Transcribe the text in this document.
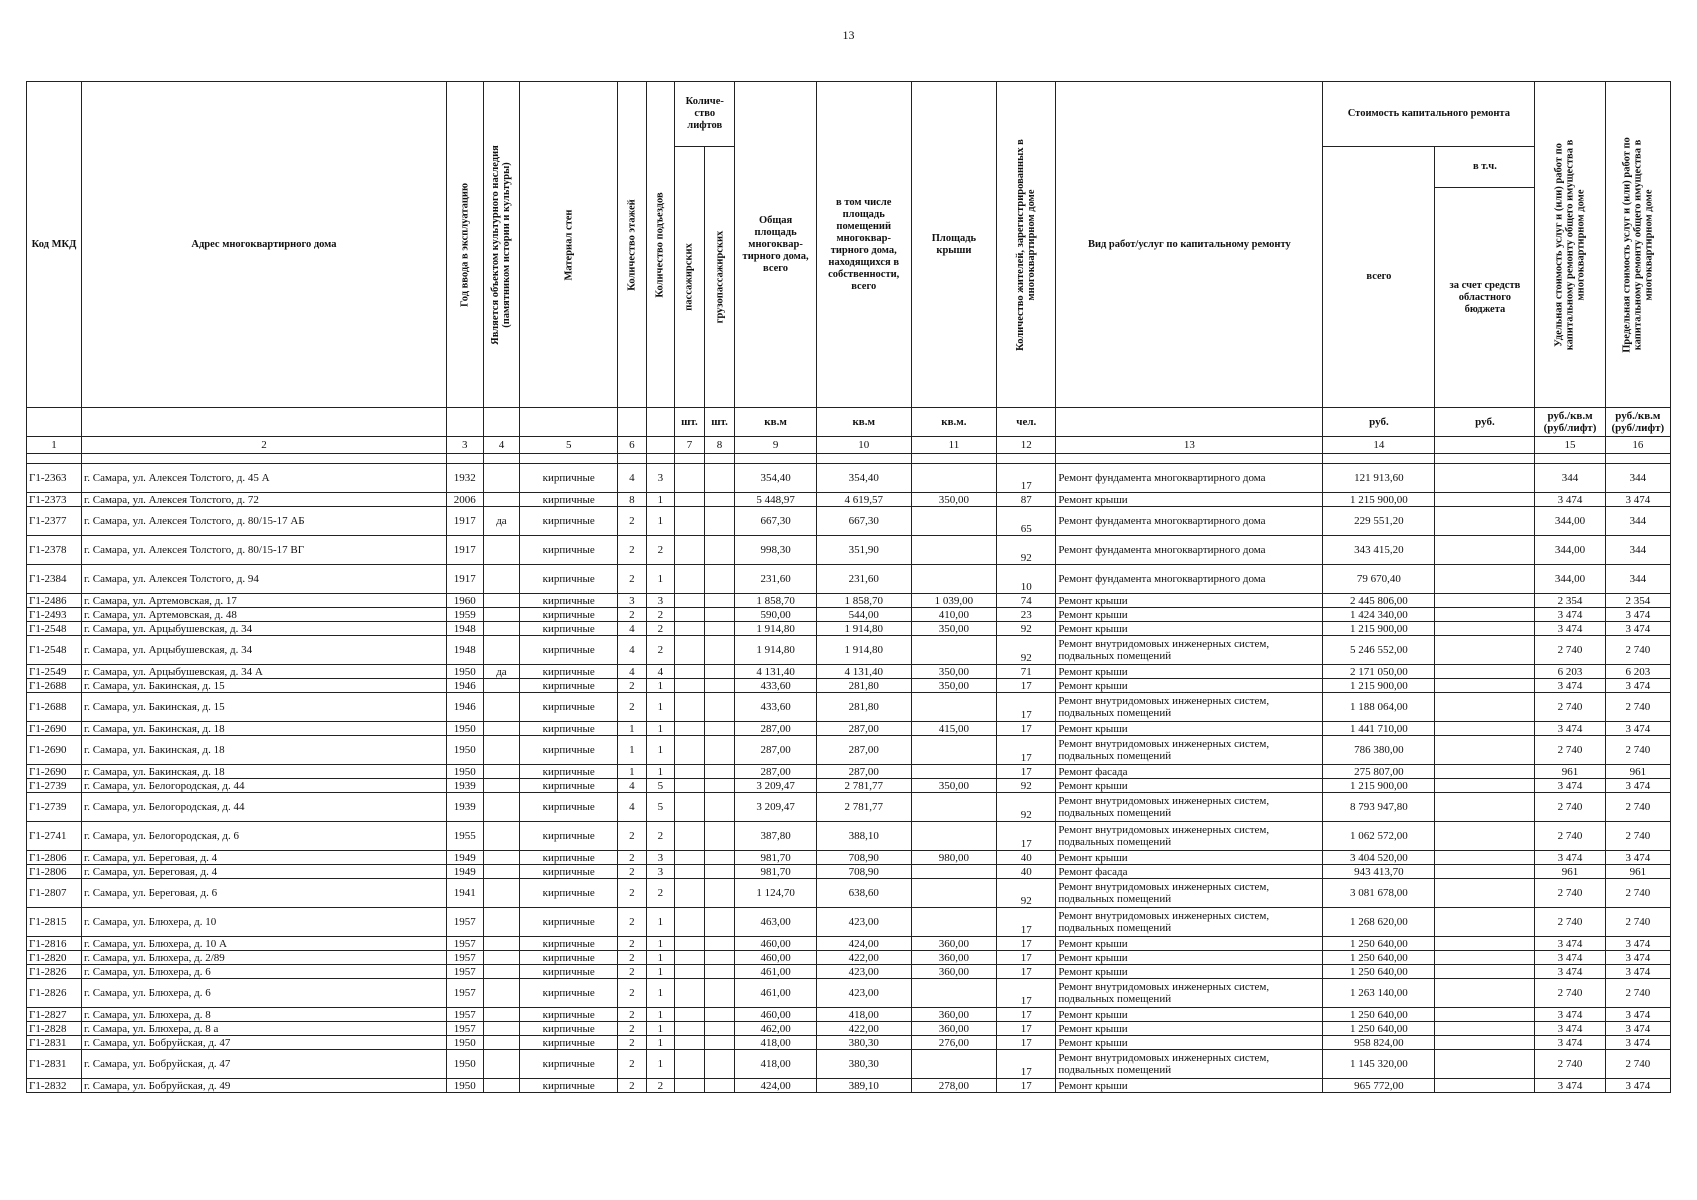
13
Код МКД	Адрес многоквартирного дома	Год ввода в эксплуатацию	Является объектом культурного наследия (памятником истории и культуры)	Материал стен	Количество этажей	Количество подъездов	Количе-ство лифтов		Общая площадь многоквар-тирного дома, всего	в том числе площадь помещений многоквар-тирного дома, находящихся в собственности, всего	Площадь крыши	Количество жителей, зарегистрированных в многоквартирном доме	Вид работ/услуг по капитальному ремонту	Стоимость капитального ремонта		Удельная стоимость услуг и (или) работ по капитальному ремонту общего имущества в многоквартирном доме	Предельная стоимость услуг и (или) работ по капитальному ремонту общего имущества в многоквартирном доме

							пассажирских	грузопассажирских						всего	в т.ч.		
															за счет средств областного бюджета		
							шт.	шт.	кв.м	кв.м	кв.м.	чел.		руб.	руб.	руб./кв.м (руб/лифт)	руб./кв.м (руб/лифт)
1	2	3	4	5	6		7	8	9	10	11	12	13	14		15	16

Г1-2363	г. Самара, ул. Алексея Толстого, д. 45 А	1932		кирпичные	4	3			354,40	354,40		17	Ремонт фундамента многоквартирного дома	121 913,60		344	344
Г1-2373	г. Самара, ул. Алексея Толстого, д. 72	2006		кирпичные	8	1			5 448,97	4 619,57	350,00	87	Ремонт крыши	1 215 900,00		3 474	3 474
Г1-2377	г. Самара, ул. Алексея Толстого, д. 80/15-17 АБ	1917	да	кирпичные	2	1			667,30	667,30		65	Ремонт фундамента многоквартирного дома	229 551,20		344,00	344
Г1-2378	г. Самара, ул. Алексея Толстого, д. 80/15-17 ВГ	1917		кирпичные	2	2			998,30	351,90		92	Ремонт фундамента многоквартирного дома	343 415,20		344,00	344
Г1-2384	г. Самара, ул. Алексея Толстого, д. 94	1917		кирпичные	2	1			231,60	231,60		10	Ремонт фундамента многоквартирного дома	79 670,40		344,00	344
Г1-2486	г. Самара, ул. Артемовская, д. 17	1960		кирпичные	3	3			1 858,70	1 858,70	1 039,00	74	Ремонт крыши	2 445 806,00		2 354	2 354
Г1-2493	г. Самара, ул. Артемовская, д. 48	1959		кирпичные	2	2			590,00	544,00	410,00	23	Ремонт крыши	1 424 340,00		3 474	3 474
Г1-2548	г. Самара, ул. Арцыбушевская, д. 34	1948		кирпичные	4	2			1 914,80	1 914,80	350,00	92	Ремонт крыши	1 215 900,00		3 474	3 474
Г1-2548	г. Самара, ул. Арцыбушевская, д. 34	1948		кирпичные	4	2			1 914,80	1 914,80		92	Ремонт внутридомовых инженерных систем, подвальных помещений	5 246 552,00		2 740	2 740
Г1-2549	г. Самара, ул. Арцыбушевская, д. 34 А	1950	да	кирпичные	4	4			4 131,40	4 131,40	350,00	71	Ремонт крыши	2 171 050,00		6 203	6 203
Г1-2688	г. Самара, ул. Бакинская, д. 15	1946		кирпичные	2	1			433,60	281,80	350,00	17	Ремонт крыши	1 215 900,00		3 474	3 474
Г1-2688	г. Самара, ул. Бакинская, д. 15	1946		кирпичные	2	1			433,60	281,80		17	Ремонт внутридомовых инженерных систем, подвальных помещений	1 188 064,00		2 740	2 740
Г1-2690	г. Самара, ул. Бакинская, д. 18	1950		кирпичные	1	1			287,00	287,00	415,00	17	Ремонт крыши	1 441 710,00		3 474	3 474
Г1-2690	г. Самара, ул. Бакинская, д. 18	1950		кирпичные	1	1			287,00	287,00		17	Ремонт внутридомовых инженерных систем, подвальных помещений	786 380,00		2 740	2 740
Г1-2690	г. Самара, ул. Бакинская, д. 18	1950		кирпичные	1	1			287,00	287,00		17	Ремонт фасада	275 807,00		961	961
Г1-2739	г. Самара, ул. Белогородская, д. 44	1939		кирпичные	4	5			3 209,47	2 781,77	350,00	92	Ремонт крыши	1 215 900,00		3 474	3 474
Г1-2739	г. Самара, ул. Белогородская, д. 44	1939		кирпичные	4	5			3 209,47	2 781,77		92	Ремонт внутридомовых инженерных систем, подвальных помещений	8 793 947,80		2 740	2 740
Г1-2741	г. Самара, ул. Белогородская, д. 6	1955		кирпичные	2	2			387,80	388,10		17	Ремонт внутридомовых инженерных систем, подвальных помещений	1 062 572,00		2 740	2 740
Г1-2806	г. Самара, ул. Береговая, д. 4	1949		кирпичные	2	3			981,70	708,90	980,00	40	Ремонт крыши	3 404 520,00		3 474	3 474
Г1-2806	г. Самара, ул. Береговая, д. 4	1949		кирпичные	2	3			981,70	708,90		40	Ремонт фасада	943 413,70		961	961
Г1-2807	г. Самара, ул. Береговая, д. 6	1941		кирпичные	2	2			1 124,70	638,60		92	Ремонт внутридомовых инженерных систем, подвальных помещений	3 081 678,00		2 740	2 740
Г1-2815	г. Самара, ул. Блюхера, д. 10	1957		кирпичные	2	1			463,00	423,00		17	Ремонт внутридомовых инженерных систем, подвальных помещений	1 268 620,00		2 740	2 740
Г1-2816	г. Самара, ул. Блюхера, д. 10 А	1957		кирпичные	2	1			460,00	424,00	360,00	17	Ремонт крыши	1 250 640,00		3 474	3 474
Г1-2820	г. Самара, ул. Блюхера, д. 2/89	1957		кирпичные	2	1			460,00	422,00	360,00	17	Ремонт крыши	1 250 640,00		3 474	3 474
Г1-2826	г. Самара, ул. Блюхера, д. 6	1957		кирпичные	2	1			461,00	423,00	360,00	17	Ремонт крыши	1 250 640,00		3 474	3 474
Г1-2826	г. Самара, ул. Блюхера, д. 6	1957		кирпичные	2	1			461,00	423,00		17	Ремонт внутридомовых инженерных систем, подвальных помещений	1 263 140,00		2 740	2 740
Г1-2827	г. Самара, ул. Блюхера, д. 8	1957		кирпичные	2	1			460,00	418,00	360,00	17	Ремонт крыши	1 250 640,00		3 474	3 474
Г1-2828	г. Самара, ул. Блюхера, д. 8 а	1957		кирпичные	2	1			462,00	422,00	360,00	17	Ремонт крыши	1 250 640,00		3 474	3 474
Г1-2831	г. Самара, ул. Бобруйская, д. 47	1950		кирпичные	2	1			418,00	380,30	276,00	17	Ремонт крыши	958 824,00		3 474	3 474
Г1-2831	г. Самара, ул. Бобруйская, д. 47	1950		кирпичные	2	1			418,00	380,30		17	Ремонт внутридомовых инженерных систем, подвальных помещений	1 145 320,00		2 740	2 740
Г1-2832	г. Самара, ул. Бобруйская, д. 49	1950		кирпичные	2	2			424,00	389,10	278,00	17	Ремонт крыши	965 772,00		3 474	3 474
